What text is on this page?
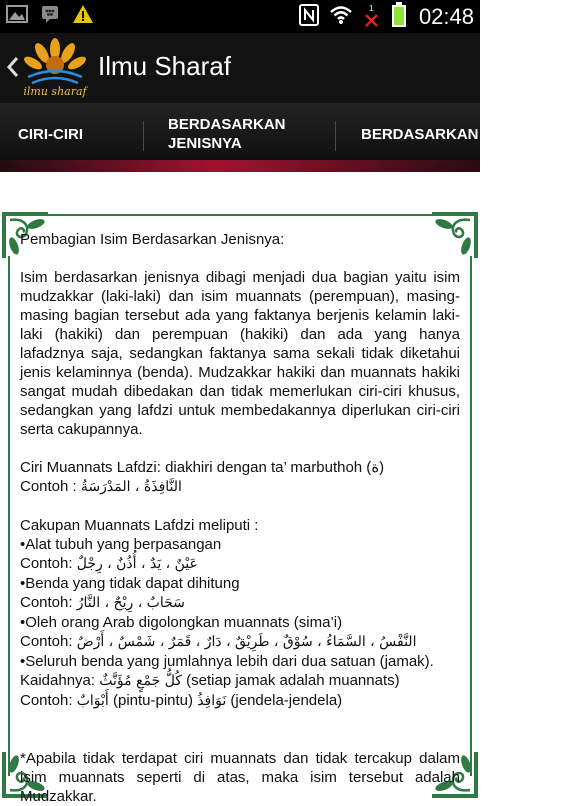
1 02:48
ilmu sharaf
Ilmu Sharaf
CIRI-CIRI
BERDASARKAN JENISNYA
BERDASARKAN JMLH BENDA

Pembagian Isim Berdasarkan Jenisnya:

Isim berdasarkan jenisnya dibagi menjadi dua bagian yaitu isim mudzakkar (laki-laki) dan isim muannats (perempuan), masing-masing bagian tersebut ada yang faktanya berjenis kelamin laki-laki (hakiki) dan perempuan (hakiki) dan ada yang hanya lafadznya saja, sedangkan faktanya sama sekali tidak diketahui jenis kelaminnya (benda). Mudzakkar hakiki dan muannats hakiki sangat mudah dibedakan dan tidak memerlukan ciri-ciri khusus, sedangkan yang lafdzi untuk membedakannya diperlukan ciri-ciri serta cakupannya.

Ciri Muannats Lafdzi: diakhiri dengan ta’ marbuthoh (ة)

Contoh : النَّافِذَةُ ، المَدْرَسَةُ

Cakupan Muannats Lafdzi meliputi :

•Alat tubuh yang berpasangan

Contoh: عَيْنٌ ، يَدٌ ، أُذُنٌ ، رِجْلٌ

•Benda yang tidak dapat dihitung

Contoh: سَحَابٌ ، رِيْحٌ ، النَّارُ

•Oleh orang Arab digolongkan muannats (sima’i)

Contoh: النَّفْسُ ، السَّمَاءُ ، سُوْقٌ ، طَرِيْقٌ ، دَارٌ ، قَمَرٌ ، شَمْسٌ ، أَرْضٌ

•Seluruh benda yang jumlahnya lebih dari dua satuan (jamak).

Kaidahnya: كُلُّ جَمْعٍ مُؤَنَّثٌ (setiap jamak adalah muannats)

Contoh: أَبْوَابٌ (pintu-pintu) نَوَافِذُ (jendela-jendela)

*Apabila tidak terdapat ciri muannats dan tidak tercakup dalam isim muannats seperti di atas, maka isim tersebut adalah Mudzakkar.
